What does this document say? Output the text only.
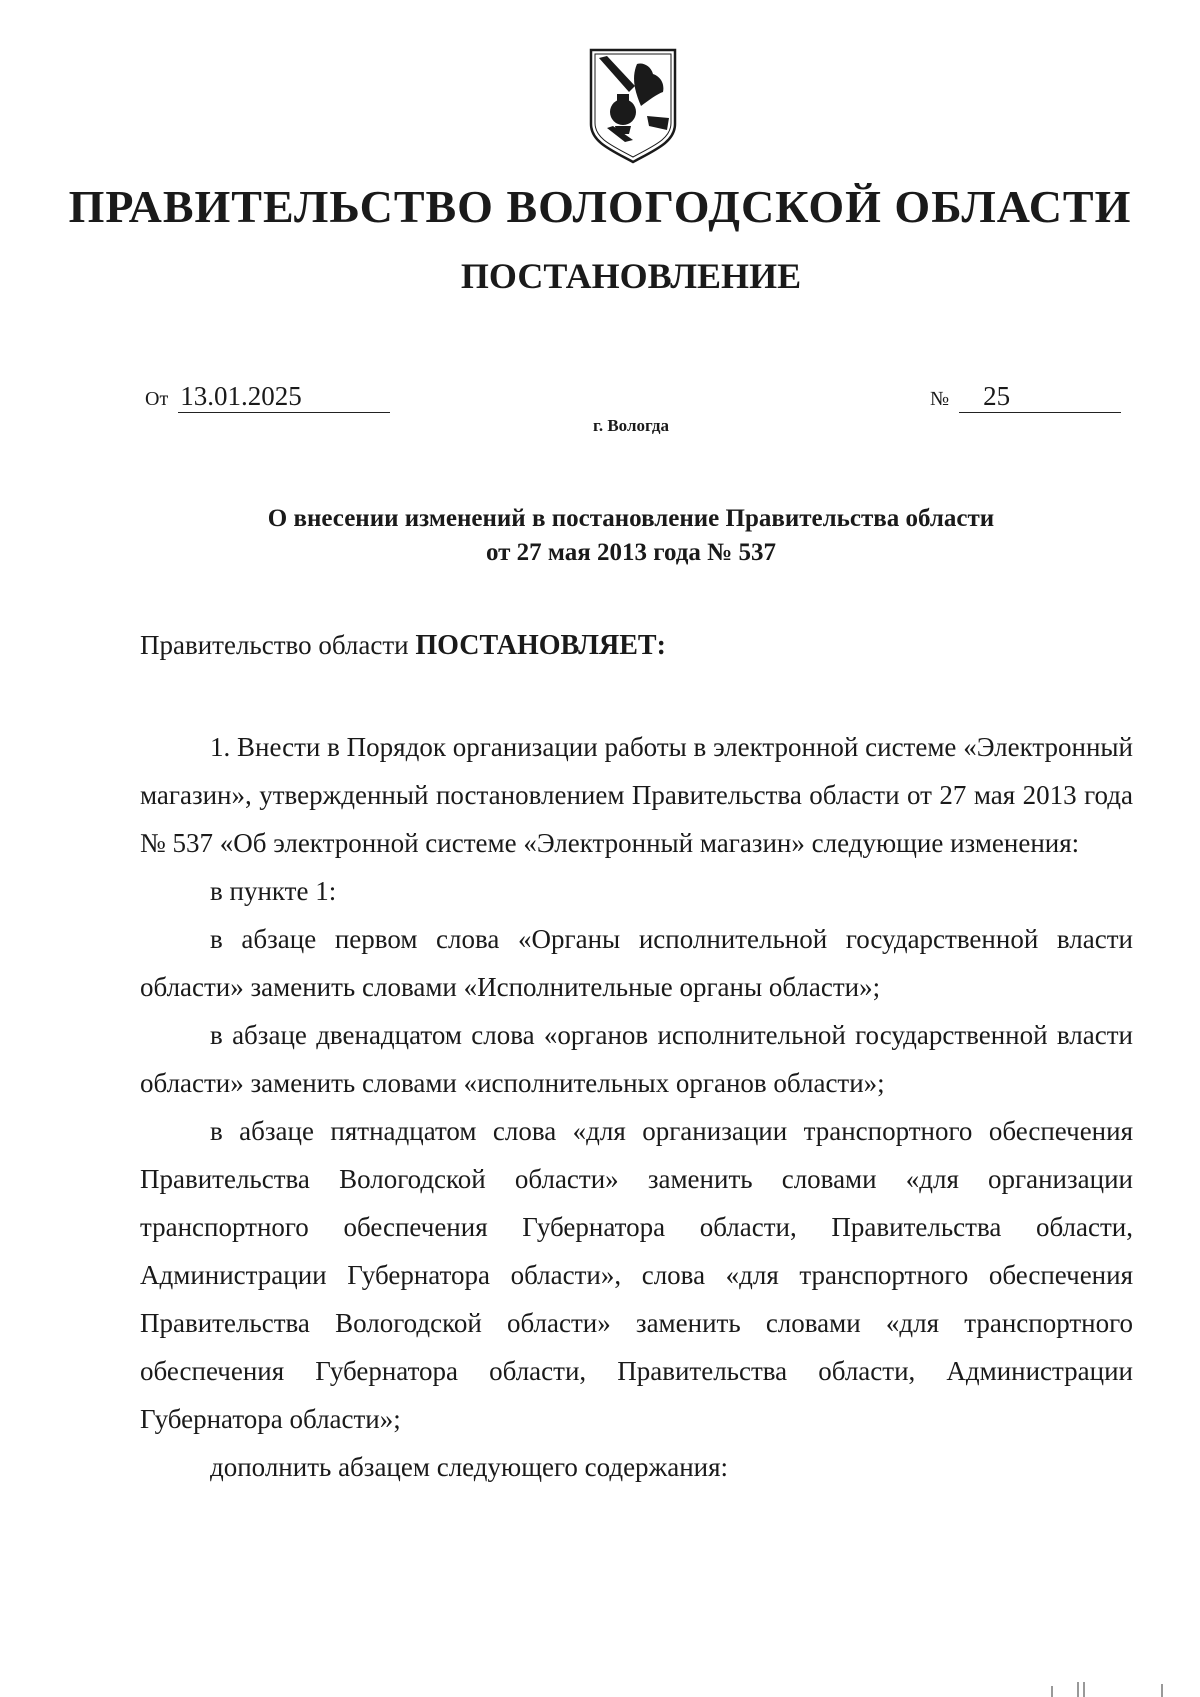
ПРАВИТЕЛЬСТВО ВОЛОГОДСКОЙ ОБЛАСТИ
ПОСТАНОВЛЕНИЕ
От 13.01.2025	№ 25
г. Вологда
О внесении изменений в постановление Правительства области
от 27 мая 2013 года № 537
Правительство области ПОСТАНОВЛЯЕТ:

1. Внести в Порядок организации работы в электронной системе «Электронный магазин», утвержденный постановлением Правительства области от 27 мая 2013 года № 537 «Об электронной системе «Электронный магазин» следующие изменения:

в пункте 1:

в абзаце первом слова «Органы исполнительной государственной власти области» заменить словами «Исполнительные органы области»;

в абзаце двенадцатом слова «органов исполнительной государственной власти области» заменить словами «исполнительных органов области»;

в абзаце пятнадцатом слова «для организации транспортного обеспечения Правительства Вологодской области» заменить словами «для организации транспортного обеспечения Губернатора области, Правительства области, Администрации Губернатора области», слова «для транспортного обеспечения Правительства Вологодской области» заменить словами «для транспортного обеспечения Губернатора области, Правительства области, Администрации Губернатора области»;

дополнить абзацем следующего содержания:
